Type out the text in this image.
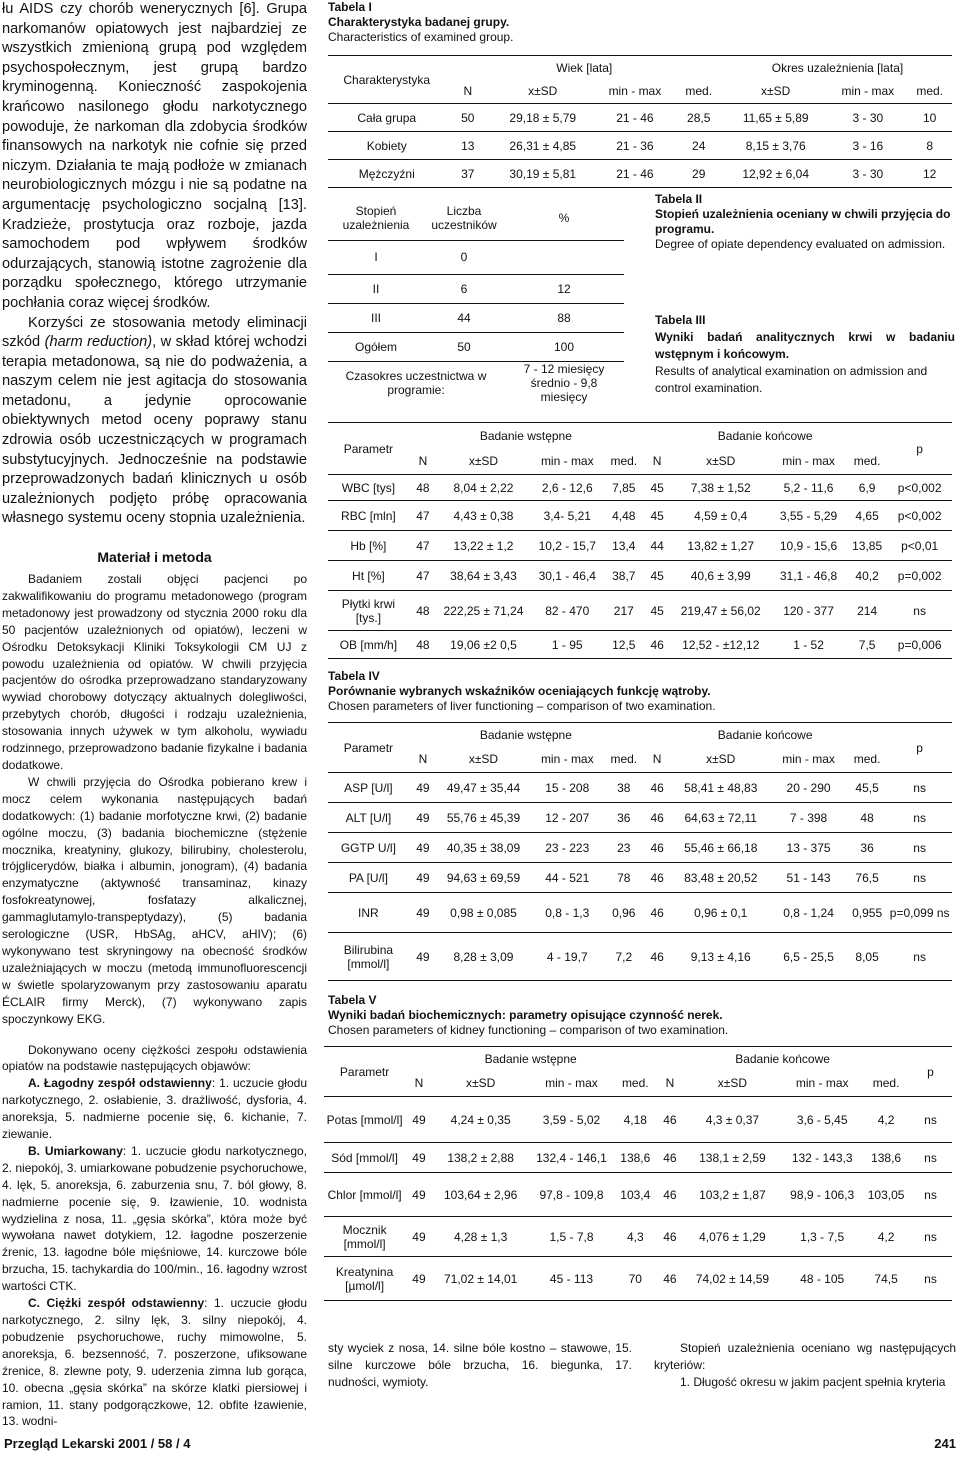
łu AIDS czy chorób wenerycznych [6]. Grupa narkomanów opiatowych jest najbardziej ze wszystkich zmienioną grupą pod względem psychospołecznym, jest grupą bardzo kryminogenną. Konieczność zaspokojenia krańcowo nasilonego głodu narkotycznego powoduje, że narkoman dla zdobycia środków finansowych na narkotyk nie cofnie się przed niczym. Działania te mają podłoże w zmianach neurobiologicznych mózgu i nie są podatne na argumentację psychologiczno socjalną [13]. Kradzieże, prostytucja oraz rozboje, jazda samochodem pod wpływem środków odurzających, stanowią istotne zagrożenie dla porządku społecznego, którego utrzymanie pochłania coraz więcej środków.

Korzyści ze stosowania metody eliminacji szkód (harm reduction), w skład której wchodzi terapia metadonowa, są nie do podważenia, a naszym celem nie jest agitacja do stosowania metadonu, a jedynie oprocowanie obiektywnych metod oceny poprawy stanu zdrowia osób uczestniczących w programach substytucyjnych. Jednocześnie na podstawie przeprowadzonych badań klinicznych u osób uzależnionych podjęto próbę opracowania własnego systemu oceny stopnia uzależnienia.

Materiał i metoda

Badaniem zostali objęci pacjenci po zakwalifikowaniu do programu metadonowego (program metadonowy jest prowadzony od stycznia 2000 roku dla 50 pacjentów uzależnionych od opiatów), leczeni w Ośrodku Detoksykacji Kliniki Toksykologii CM UJ z powodu uzależnienia od opiatów. W chwili przyjęcia pacjentów do ośrodka przeprowadzano standaryzowany wywiad chorobowy dotyczący aktualnych dolegliwości, przebytych chorób, długości i rodzaju uzależnienia, stosowania innych używek w tym alkoholu, wywiadu rodzinnego, przeprowadzono badanie fizykalne i badania dodatkowe.

W chwili przyjęcia do Ośrodka pobierano krew i mocz celem wykonania następujących badań dodatkowych: (1) badanie morfotyczne krwi, (2) badanie ogólne moczu, (3) badania biochemiczne (stężenie mocznika, kreatyniny, glukozy, bilirubiny, cholesterolu, trójglicerydów, białka i albumin, jonogram), (4) badania enzymatyczne (aktywność transaminaz, kinazy fosfokreatynowej, fosfatazy alkalicznej, gammaglutamylo-transpeptydazy), (5) badania serologiczne (USR, HbSAg, aHCV, aHIV); (6) wykonywano test skryningowy na obecność środków uzależniających w moczu (metodą immunofluorescencji w świetle spolaryzowanym przy zastosowaniu aparatu ÉCLAIR firmy Merck), (7) wykonywano zapis spoczynkowy EKG.

Dokonywano oceny ciężkości zespołu odstawienia opiatów na podstawie następujących objawów:

A. Łagodny zespół odstawienny: 1. uczucie głodu narkotycznego, 2. osłabienie, 3. drażliwość, dysforia, 4. anoreksja, 5. nadmierne pocenie się, 6. kichanie, 7. ziewanie.

B. Umiarkowany: 1. uczucie głodu narkotycznego, 2. niepokój, 3. umiarkowane pobudzenie psychoruchowe, 4. lęk, 5. anoreksja, 6. zaburzenia snu, 7. ból głowy, 8. nadmierne pocenie się, 9. łzawienie, 10. wodnista wydzielina z nosa, 11. „gęsia skórka”, która może być wywołana nawet dotykiem, 12. łagodne poszerzenie źrenic, 13. łagodne bóle mięśniowe, 14. kurczowe bóle brzucha, 15. tachykardia do 100/min., 16. łagodny wzrost wartości CTK.

C. Ciężki zespół odstawienny: 1. uczucie głodu narkotycznego, 2. silny lęk, 3. silny niepokój, 4. pobudzenie psychoruchowe, ruchy mimowolne, 5. anoreksja, 6. bezsenność, 7. poszerzone, ufiksowane źrenice, 8. zlewne poty, 9. uderzenia zimna lub gorąca, 10. obecna „gęsia skórka” na skórze klatki piersiowej i ramion, 11. stany podgorączkowe, 12. obfite łzawienie, 13. wodni-

Tabela I
Charakterystyka badanej grupy.
Characteristics of examined group.
Charakterystyka	Wiek [lata]				Okres uzależnienia [lata]		
	N	x±SD	min - max	med.	x±SD	min - max	med.
Cała grupa	50	29,18 ± 5,79	21 - 46	28,5	11,65 ± 5,89	3 - 30	10
Kobiety	13	26,31 ± 4,85	21 - 36	24	8,15 ± 3,76	3 - 16	8
Mężczyźni	37	30,19 ± 5,81	21 - 46	29	12,92 ± 6,04	3 - 30	12
Stopień uzależnienia	Liczba uczestników	%
I	0	
II	6	12
III	44	88
Ogółem	50	100
Czasokres uczestnictwa w programie:		7 - 12 miesięcy
średnio - 9,8 miesięcy
Tabela II
Stopień uzależnienia oceniany w chwili przyjęcia do programu.
Degree of opiate dependency evaluated on admission.
Tabela III
Wyniki badań analitycznych krwi w badaniu wstępnym i końcowym.
Results of analytical examination on admission and control examination.
Parametr	Badanie wstępne				Badanie końcowe				p
	N	x±SD	min - max	med.	N	x±SD	min - max	med.	
WBC [tys]	48	8,04 ± 2,22	2,6 - 12,6	7,85	45	7,38 ± 1,52	5,2 - 11,6	6,9	p<0,002
RBC [mln]	47	4,43 ± 0,38	3,4- 5,21	4,48	45	4,59 ± 0,4	3,55 - 5,29	4,65	p<0,002
Hb [%]	47	13,22 ± 1,2	10,2 - 15,7	13,4	44	13,82 ± 1,27	10,9 - 15,6	13,85	p<0,01
Ht [%]	47	38,64 ± 3,43	30,1 - 46,4	38,7	45	40,6 ± 3,99	31,1 - 46,8	40,2	p=0,002
Płytki krwi [tys.]	48	222,25 ± 71,24	82 - 470	217	45	219,47 ± 56,02	120 - 377	214	ns
OB [mm/h]	48	19,06 ±2 0,5	1 - 95	12,5	46	12,52 - ±12,12	1 - 52	7,5	p=0,006
Tabela IV
Porównanie wybranych wskaźników oceniających funkcję wątroby.
Chosen parameters of liver functioning – comparison of two examination.
Parametr	Badanie wstępne				Badanie końcowe				p
	N	x±SD	min - max	med.	N	x±SD	min - max	med.	
ASP [U/l]	49	49,47 ± 35,44	15 - 208	38	46	58,41 ± 48,83	20 - 290	45,5	ns
ALT [U/l]	49	55,76 ± 45,39	12 - 207	36	46	64,63 ± 72,11	7 - 398	48	ns
GGTP U/l]	49	40,35 ± 38,09	23 - 223	23	46	55,46 ± 66,18	13 - 375	36	ns
PA [U/l]	49	94,63 ± 69,59	44 - 521	78	46	83,48 ± 20,52	51 - 143	76,5	ns
INR	49	0,98 ± 0,085	0,8 - 1,3	0,96	46	0,96 ± 0,1	0,8 - 1,24	0,955	p=0,099 ns
Bilirubina [mmol/l]	49	8,28 ± 3,09	4 - 19,7	7,2	46	9,13 ± 4,16	6,5 - 25,5	8,05	ns
Tabela V
Wyniki badań biochemicznych: parametry opisujące czynność nerek.
Chosen parameters of kidney functioning – comparison of two examination.
Parametr	Badanie wstępne				Badanie końcowe				p
	N	x±SD	min - max	med.	N	x±SD	min - max	med.	
Potas [mmol/l]	49	4,24 ± 0,35	3,59 - 5,02	4,18	46	4,3 ± 0,37	3,6 - 5,45	4,2	ns
Sód [mmol/l]	49	138,2 ± 2,88	132,4 - 146,1	138,6	46	138,1 ± 2,59	132 - 143,3	138,6	ns
Chlor [mmol/l]	49	103,64 ± 2,96	97,8 - 109,8	103,4	46	103,2 ± 1,87	98,9 - 106,3	103,05	ns
Mocznik [mmol/l]	49	4,28 ± 1,3	1,5 - 7,8	4,3	46	4,076 ± 1,29	1,3 - 7,5	4,2	ns
Kreatynina [µmol/l]	49	71,02 ± 14,01	45 - 113	70	46	74,02 ± 14,59	48 - 105	74,5	ns

sty wyciek z nosa, 14. silne bóle kostno – stawowe, 15. silne kurczowe bóle brzucha, 16. biegunka, 17. nudności, wymioty.

Stopień uzależnienia oceniano wg następujących kryteriów:

1. Długość okresu w jakim pacjent spełnia kryteria

Przegląd Lekarski 2001 / 58 / 4	241
